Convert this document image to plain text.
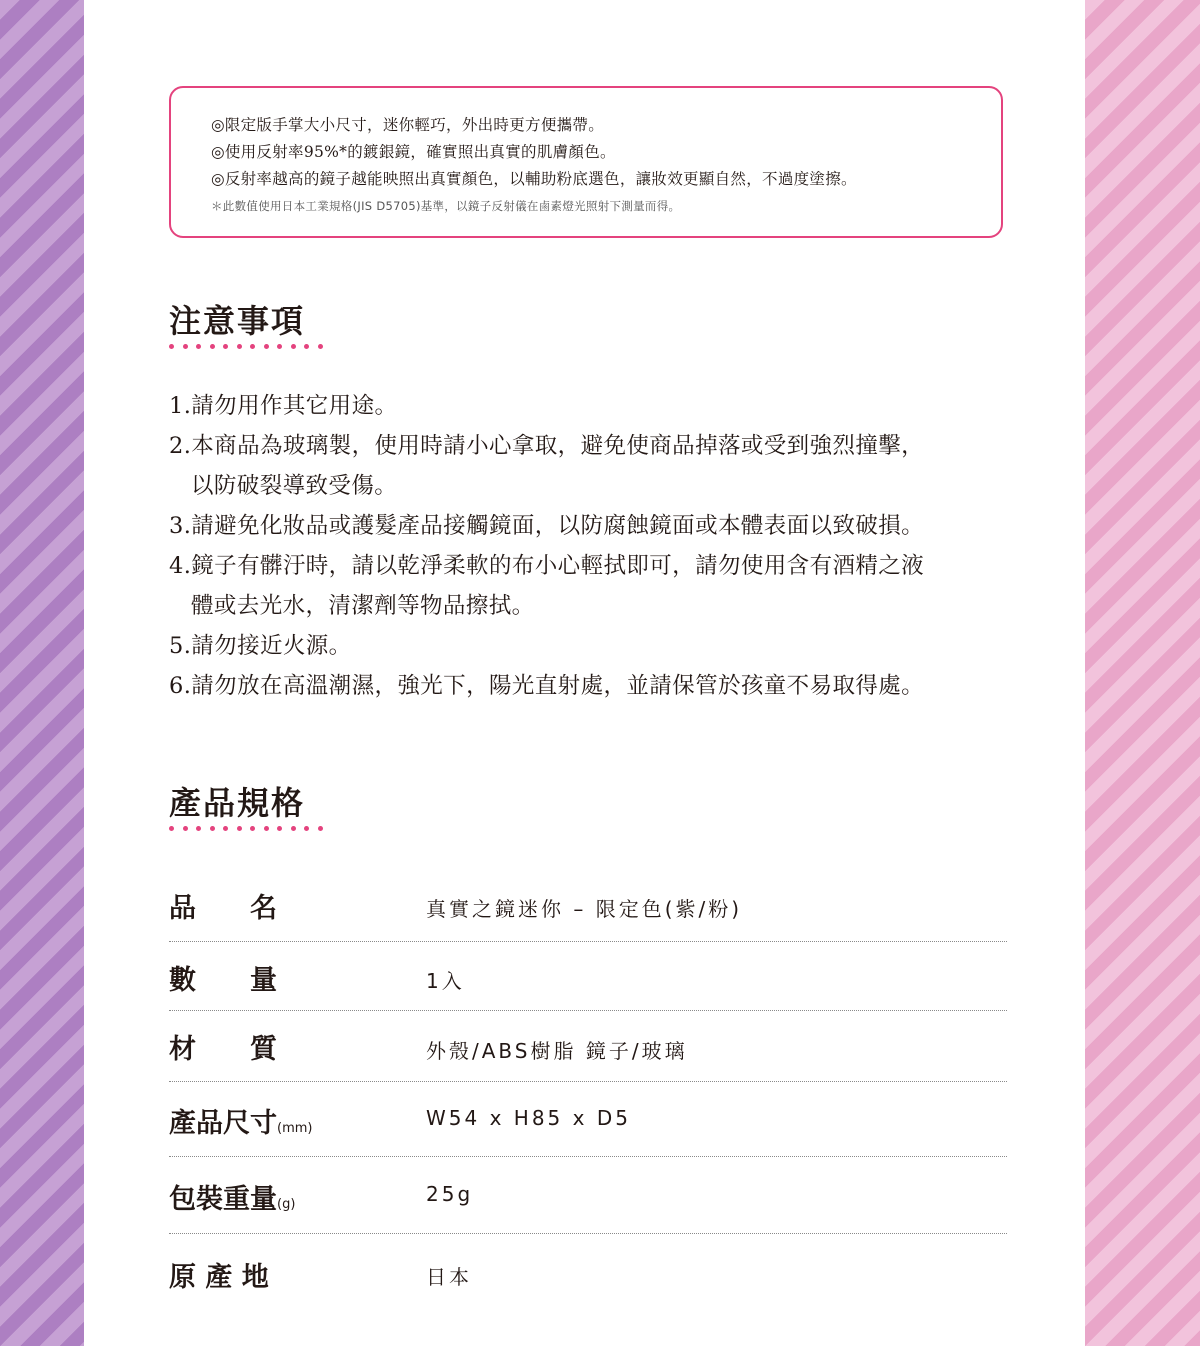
◎限定版手掌大小尺寸，迷你輕巧，外出時更方便攜帶。
◎使用反射率95%*的鍍銀鏡，確實照出真實的肌膚顏色。
◎反射率越高的鏡子越能映照出真實顏色，以輔助粉底選色，讓妝效更顯自然，不過度塗擦。
＊此數值使用日本工業規格(JIS D5705)基準，以鏡子反射儀在鹵素燈光照射下測量而得。
注意事項
1.請勿用作其它用途。
2.本商品為玻璃製，使用時請小心拿取，避免使商品掉落或受到強烈撞擊，
以防破裂導致受傷。
3.請避免化妝品或護髮產品接觸鏡面，以防腐蝕鏡面或本體表面以致破損。
4.鏡子有髒汙時，請以乾淨柔軟的布小心輕拭即可，請勿使用含有酒精之液
體或去光水，清潔劑等物品擦拭。
5.請勿接近火源。
6.請勿放在高溫潮濕，強光下，陽光直射處，並請保管於孩童不易取得處。
產品規格
品　　名	真實之鏡迷你 – 限定色(紫/粉)
數　　量	1入
材　　質	外殼/ABS樹脂 鏡子/玻璃
產品尺寸(mm)	W54 x H85 x D5
包裝重量(g)	25g
原 產 地	日本
